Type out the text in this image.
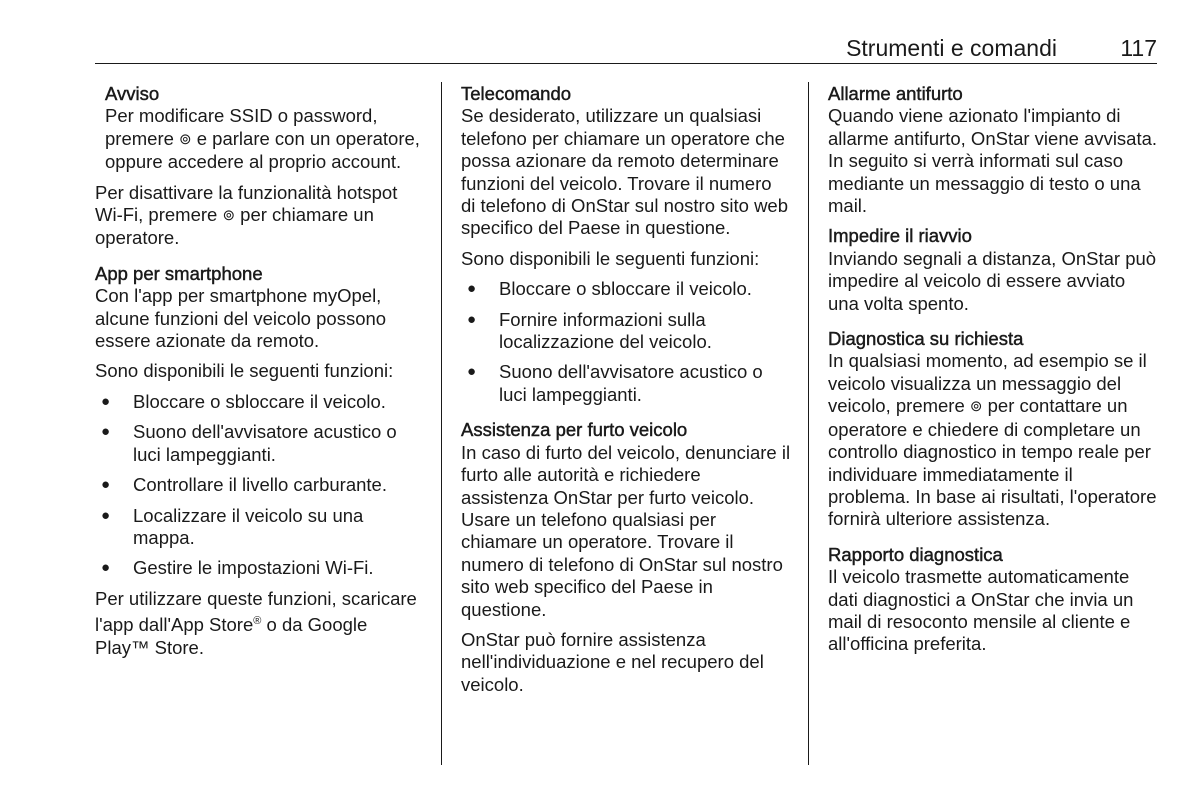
Strumenti e comandi	117
Avviso

Per modificare SSID o password, premere ⊚ e parlare con un operatore, oppure accedere al proprio account.

Per disattivare la funzionalità hotspot Wi-Fi, premere ⊚ per chiamare un operatore.

App per smartphone

Con l'app per smartphone myOpel, alcune funzioni del veicolo possono essere azionate da remoto.

Sono disponibili le seguenti funzioni:

● Bloccare o sbloccare il veicolo.
● Suono dell'avvisatore acustico o luci lampeggianti.
● Controllare il livello carburante.
● Localizzare il veicolo su una mappa.
● Gestire le impostazioni Wi-Fi.

Per utilizzare queste funzioni, scaricare l'app dall'App Store® o da Google Play™ Store.

Telecomando

Se desiderato, utilizzare un qualsiasi telefono per chiamare un operatore che possa azionare da remoto determinare funzioni del veicolo. Trovare il numero di telefono di OnStar sul nostro sito web specifico del Paese in questione.

Sono disponibili le seguenti funzioni:

● Bloccare o sbloccare il veicolo.
● Fornire informazioni sulla localizzazione del veicolo.
● Suono dell'avvisatore acustico o luci lampeggianti.
Assistenza per furto veicolo

In caso di furto del veicolo, denunciare il furto alle autorità e richiedere assistenza OnStar per furto veicolo. Usare un telefono qualsiasi per chiamare un operatore. Trovare il numero di telefono di OnStar sul nostro sito web specifico del Paese in questione.

OnStar può fornire assistenza nell'individuazione e nel recupero del veicolo.

Allarme antifurto

Quando viene azionato l'impianto di allarme antifurto, OnStar viene avvisata. In seguito si verrà informati sul caso mediante un messaggio di testo o una mail.

Impedire il riavvio

Inviando segnali a distanza, OnStar può impedire al veicolo di essere avviato una volta spento.

Diagnostica su richiesta

In qualsiasi momento, ad esempio se il veicolo visualizza un messaggio del veicolo, premere ⊚ per contattare un operatore e chiedere di completare un controllo diagnostico in tempo reale per individuare immediatamente il problema. In base ai risultati, l'operatore fornirà ulteriore assistenza.

Rapporto diagnostica

Il veicolo trasmette automaticamente dati diagnostici a OnStar che invia un mail di resoconto mensile al cliente e all'officina preferita.
